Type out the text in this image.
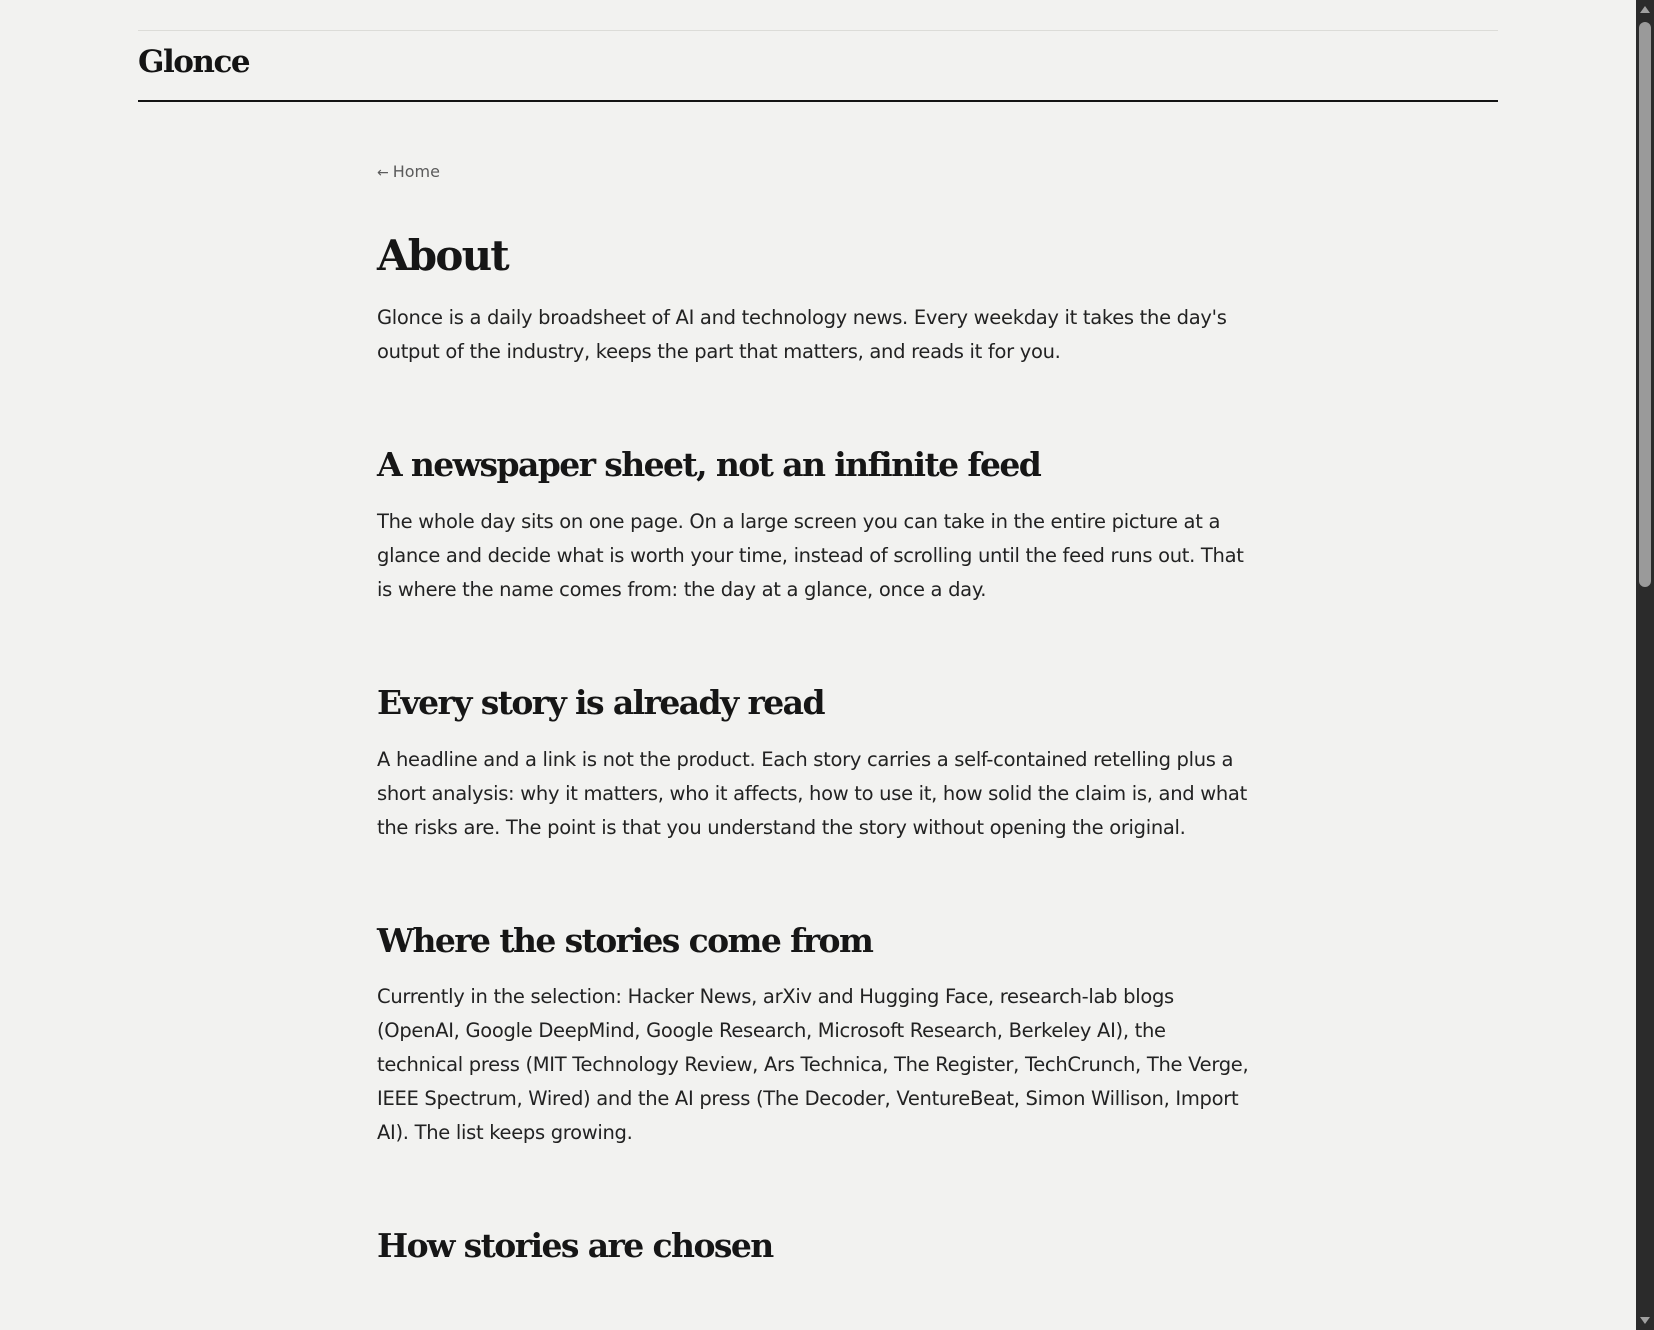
Glonce
← Home
About

Glonce is a daily broadsheet of AI and technology news. Every weekday it takes the day's output of the industry, keeps the part that matters, and reads it for you.

A newspaper sheet, not an infinite feed

The whole day sits on one page. On a large screen you can take in the entire picture at a glance and decide what is worth your time, instead of scrolling until the feed runs out. That is where the name comes from: the day at a glance, once a day.

Every story is already read

A headline and a link is not the product. Each story carries a self-contained retelling plus a short analysis: why it matters, who it affects, how to use it, how solid the claim is, and what the risks are. The point is that you understand the story without opening the original.

Where the stories come from

Currently in the selection: Hacker News, arXiv and Hugging Face, research-lab blogs (OpenAI, Google DeepMind, Google Research, Microsoft Research, Berkeley AI), the technical press (MIT Technology Review, Ars Technica, The Register, TechCrunch, The Verge, IEEE Spectrum, Wired) and the AI press (The Decoder, VentureBeat, Simon Willison, Import AI). The list keeps growing.

How stories are chosen
